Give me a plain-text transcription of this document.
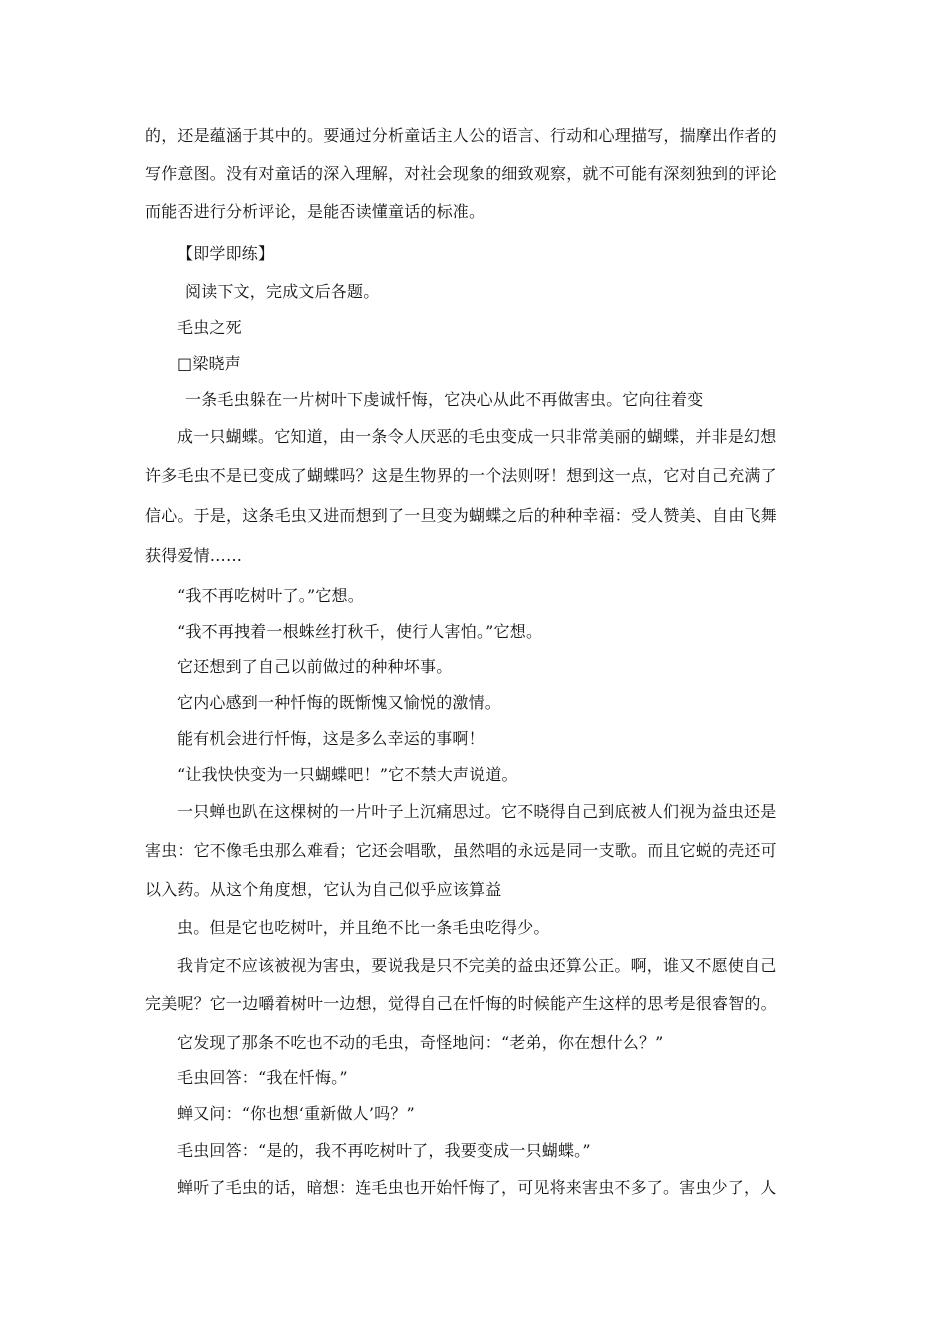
的，还是蕴涵于其中的。要通过分析童话主人公的语言、行动和心理描写，揣摩出作者的
写作意图。没有对童话的深入理解，对社会现象的细致观察，就不可能有深刻独到的评论
而能否进行分析评论，是能否读懂童话的标准。
【即学即练】
阅读下文，完成文后各题。
毛虫之死
□梁晓声
一条毛虫躲在一片树叶下虔诚忏悔，它决心从此不再做害虫。它向往着变
成一只蝴蝶。它知道，由一条令人厌恶的毛虫变成一只非常美丽的蝴蝶，并非是幻想
许多毛虫不是已变成了蝴蝶吗？这是生物界的一个法则呀！想到这一点，它对自己充满了
信心。于是，这条毛虫又进而想到了一旦变为蝴蝶之后的种种幸福：受人赞美、自由飞舞
获得爱情……
“我不再吃树叶了。”它想。
“我不再拽着一根蛛丝打秋千，使行人害怕。”它想。
它还想到了自己以前做过的种种坏事。
它内心感到一种忏悔的既惭愧又愉悦的激情。
能有机会进行忏悔，这是多么幸运的事啊！
“让我快快变为一只蝴蝶吧！”它不禁大声说道。
一只蝉也趴在这棵树的一片叶子上沉痛思过。它不晓得自己到底被人们视为益虫还是
害虫：它不像毛虫那么难看；它还会唱歌，虽然唱的永远是同一支歌。而且它蜕的壳还可
以入药。从这个角度想，它认为自己似乎应该算益
虫。但是它也吃树叶，并且绝不比一条毛虫吃得少。
我肯定不应该被视为害虫，要说我是只不完美的益虫还算公正。啊，谁又不愿使自己
完美呢？它一边嚼着树叶一边想，觉得自己在忏悔的时候能产生这样的思考是很睿智的。
它发现了那条不吃也不动的毛虫，奇怪地问：“老弟，你在想什么？”
毛虫回答：“我在忏悔。”
蝉又问：“你也想‘重新做人’吗？”
毛虫回答：“是的，我不再吃树叶了，我要变成一只蝴蝶。”
蝉听了毛虫的话，暗想：连毛虫也开始忏悔了，可见将来害虫不多了。害虫少了，人
